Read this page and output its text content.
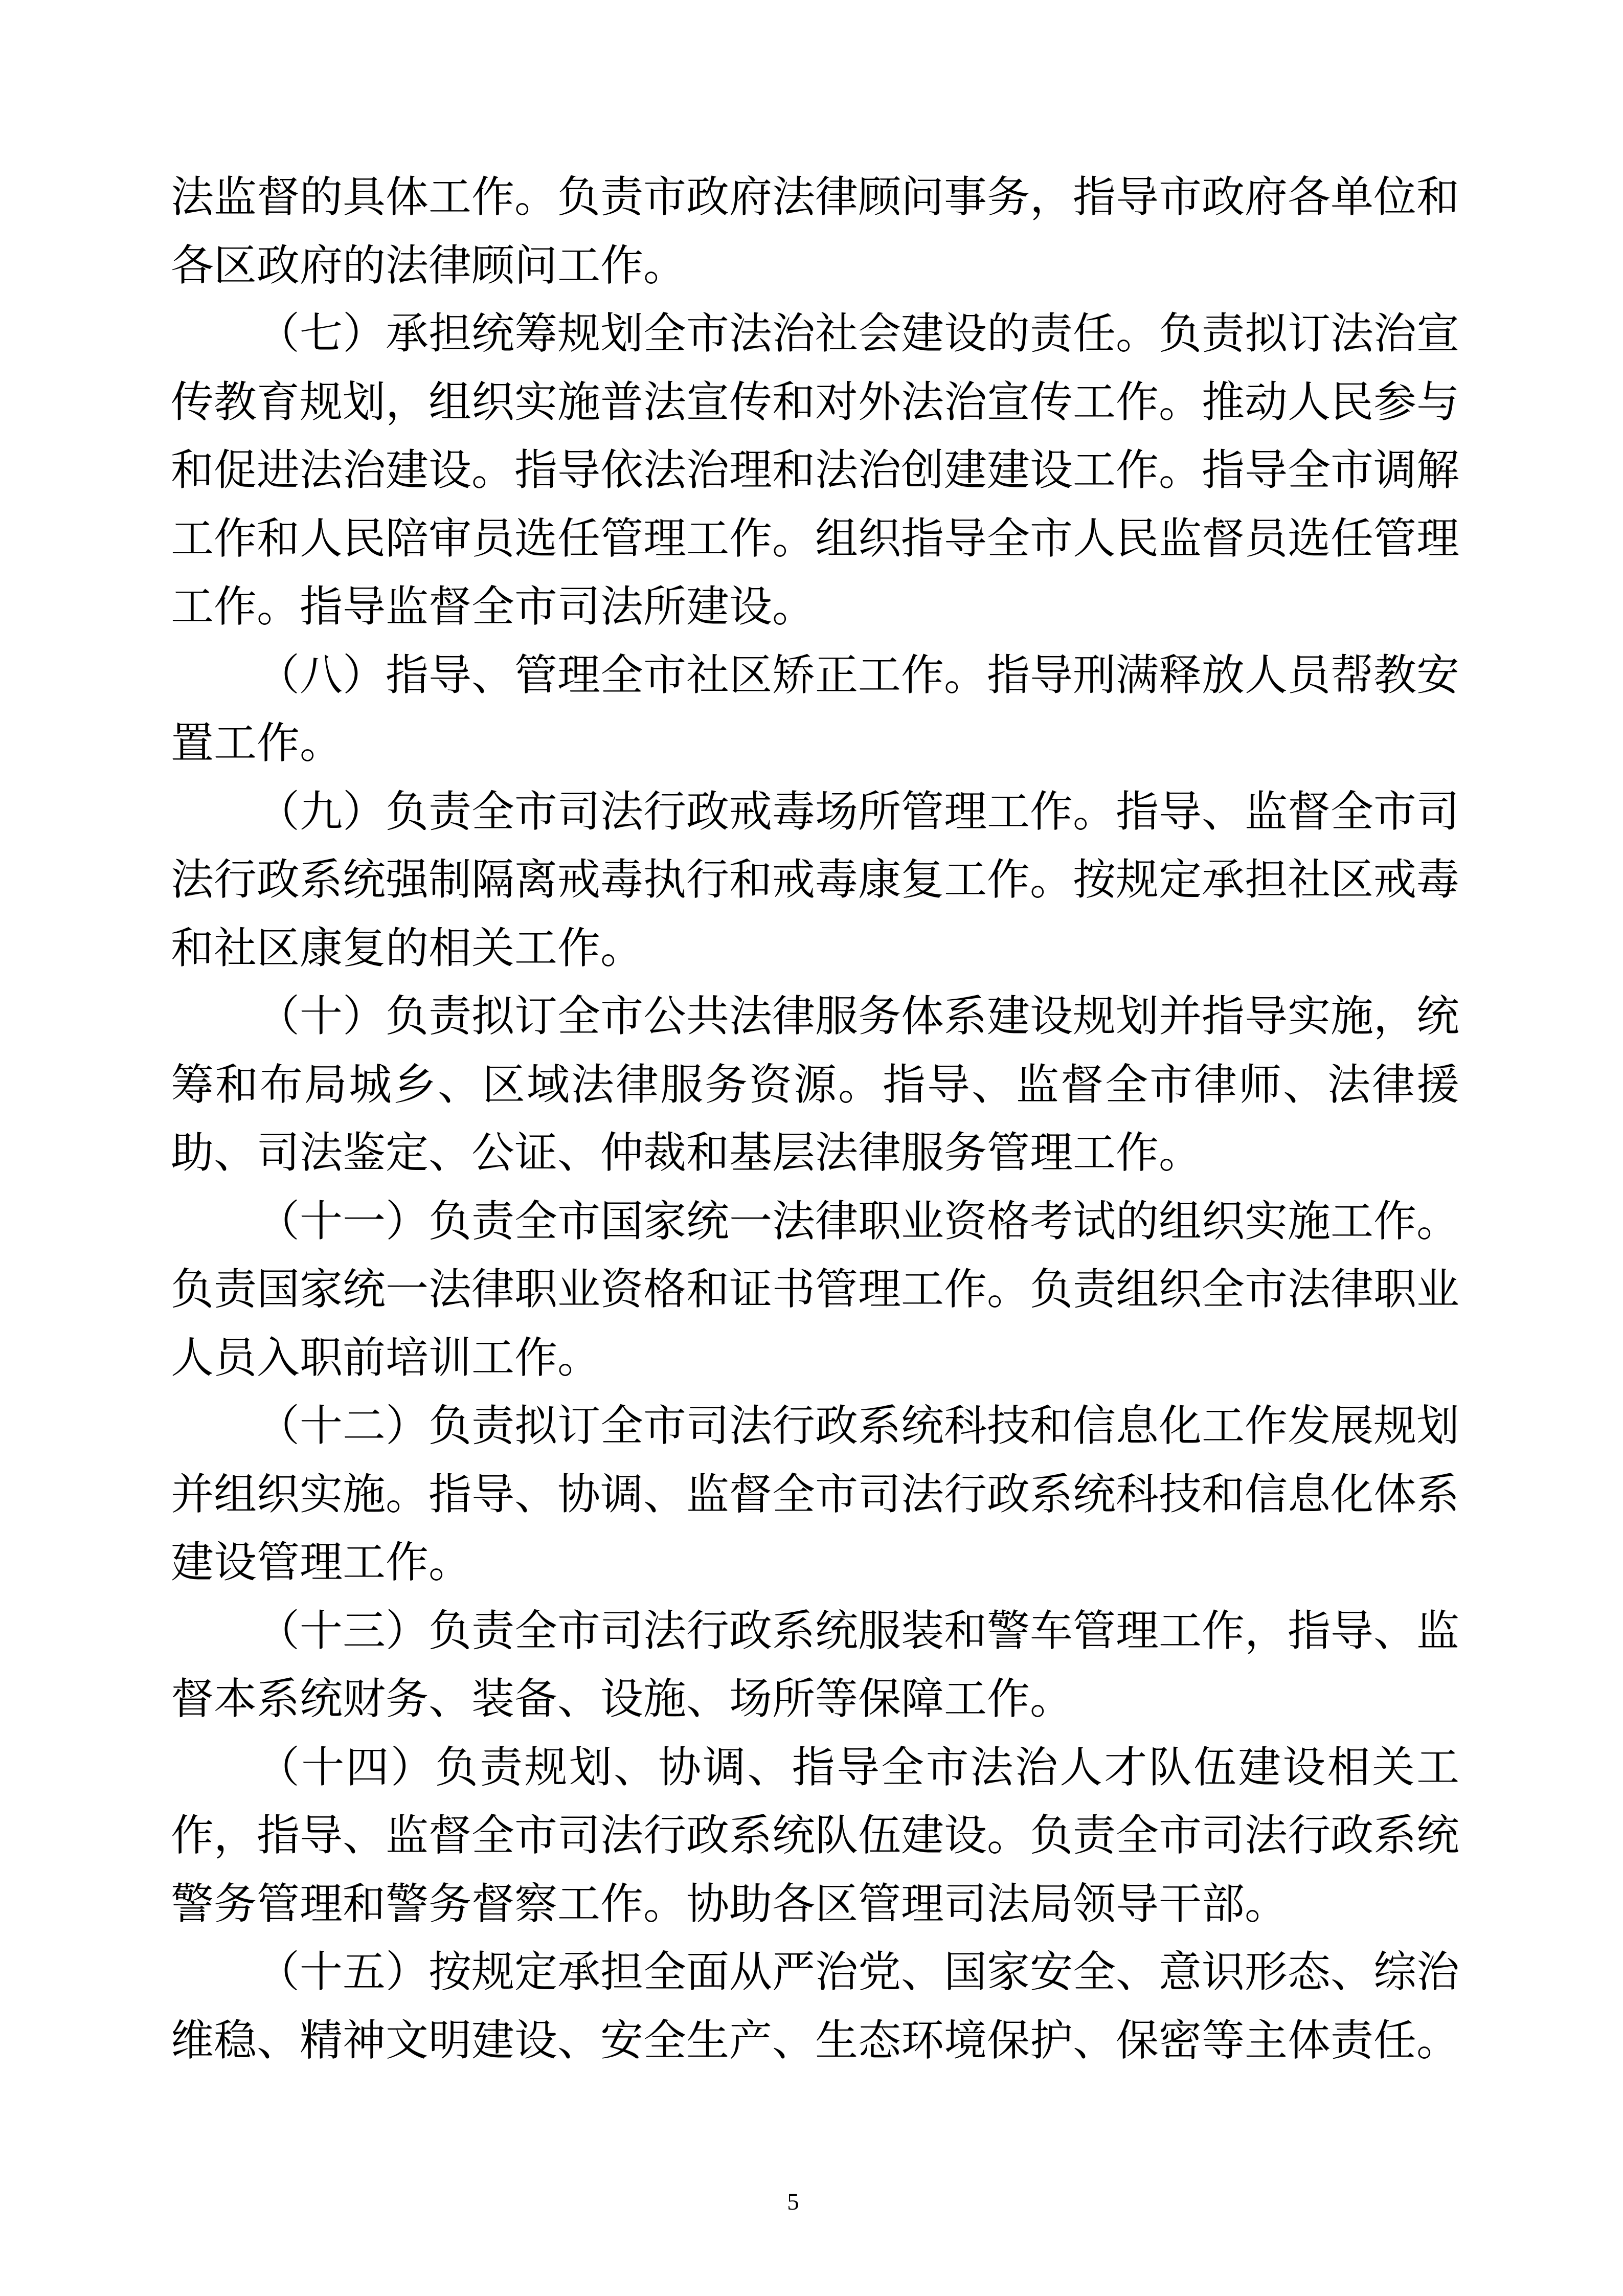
法监督的具体工作。负责市政府法律顾问事务，指导市政府各单位和各区政府的法律顾问工作。

（七）承担统筹规划全市法治社会建设的责任。负责拟订法治宣传教育规划，组织实施普法宣传和对外法治宣传工作。推动人民参与和促进法治建设。指导依法治理和法治创建建设工作。指导全市调解工作和人民陪审员选任管理工作。组织指导全市人民监督员选任管理工作。指导监督全市司法所建设。

（八）指导、管理全市社区矫正工作。指导刑满释放人员帮教安置工作。

（九）负责全市司法行政戒毒场所管理工作。指导、监督全市司法行政系统强制隔离戒毒执行和戒毒康复工作。按规定承担社区戒毒和社区康复的相关工作。

（十）负责拟订全市公共法律服务体系建设规划并指导实施，统筹和布局城乡、区域法律服务资源。指导、监督全市律师、法律援助、司法鉴定、公证、仲裁和基层法律服务管理工作。

（十一）负责全市国家统一法律职业资格考试的组织实施工作。负责国家统一法律职业资格和证书管理工作。负责组织全市法律职业人员入职前培训工作。

（十二）负责拟订全市司法行政系统科技和信息化工作发展规划并组织实施。指导、协调、监督全市司法行政系统科技和信息化体系建设管理工作。

（十三）负责全市司法行政系统服装和警车管理工作，指导、监督本系统财务、装备、设施、场所等保障工作。

（十四）负责规划、协调、指导全市法治人才队伍建设相关工作，指导、监督全市司法行政系统队伍建设。负责全市司法行政系统警务管理和警务督察工作。协助各区管理司法局领导干部。

（十五）按规定承担全面从严治党、国家安全、意识形态、综治维稳、精神文明建设、安全生产、生态环境保护、保密等主体责任。

5
